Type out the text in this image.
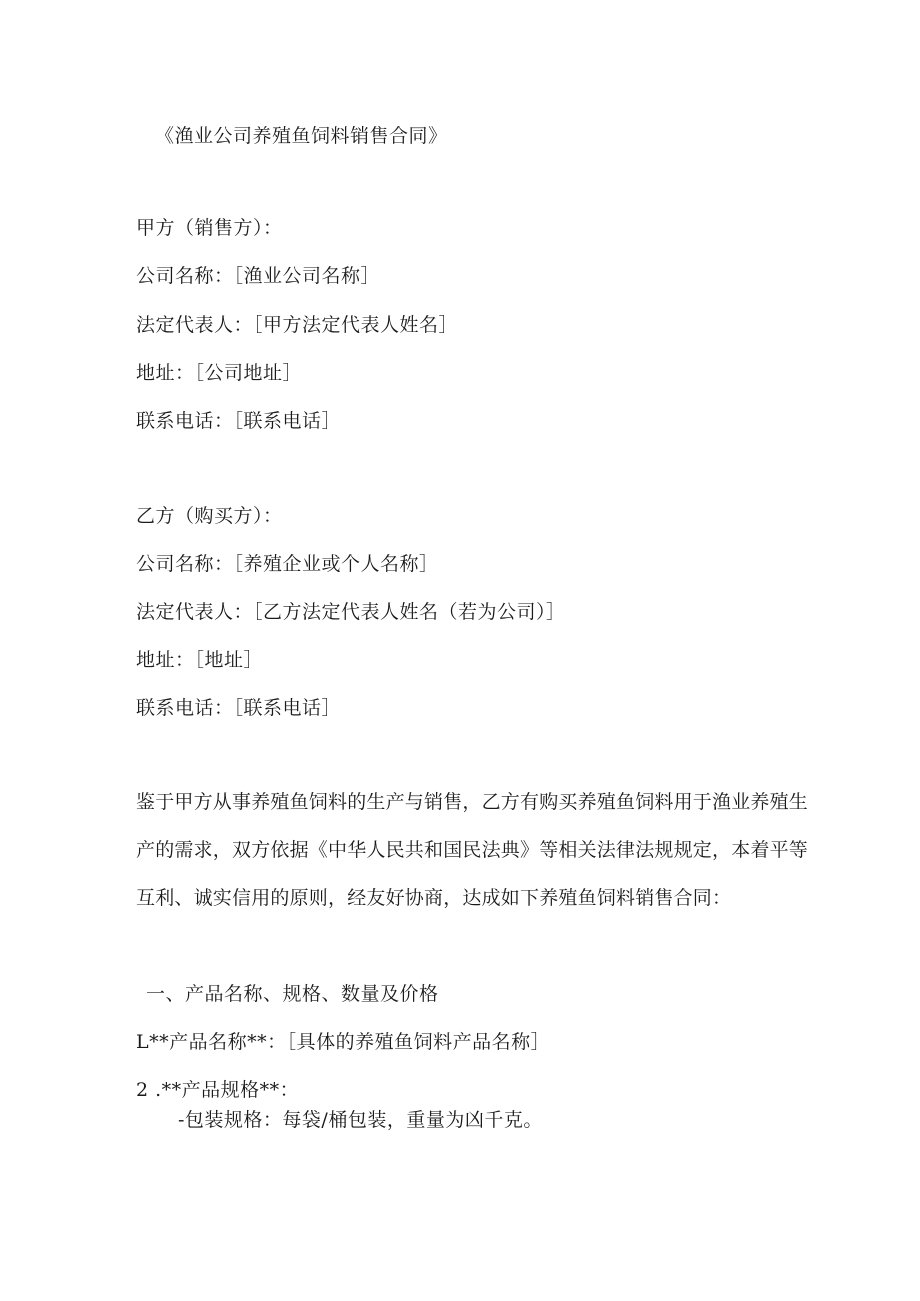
《渔业公司养殖鱼饲料销售合同》
甲方（销售方）：
公司名称：［渔业公司名称］
法定代表人：［甲方法定代表人姓名］
地址：［公司地址］
联系电话：［联系电话］
乙方（购买方）：
公司名称：［养殖企业或个人名称］
法定代表人：［乙方法定代表人姓名（若为公司）］
地址：［地址］
联系电话：［联系电话］
鉴于甲方从事养殖鱼饲料的生产与销售，乙方有购买养殖鱼饲料用于渔业养殖生
产的需求，双方依据《中华人民共和国民法典》等相关法律法规规定，本着平等
互利、诚实信用的原则，经友好协商，达成如下养殖鱼饲料销售合同：
一、产品名称、规格、数量及价格
L**产品名称**：［具体的养殖鱼饲料产品名称］
2 .**产品规格**：
-包装规格：每袋/桶包装，重量为凶千克。
